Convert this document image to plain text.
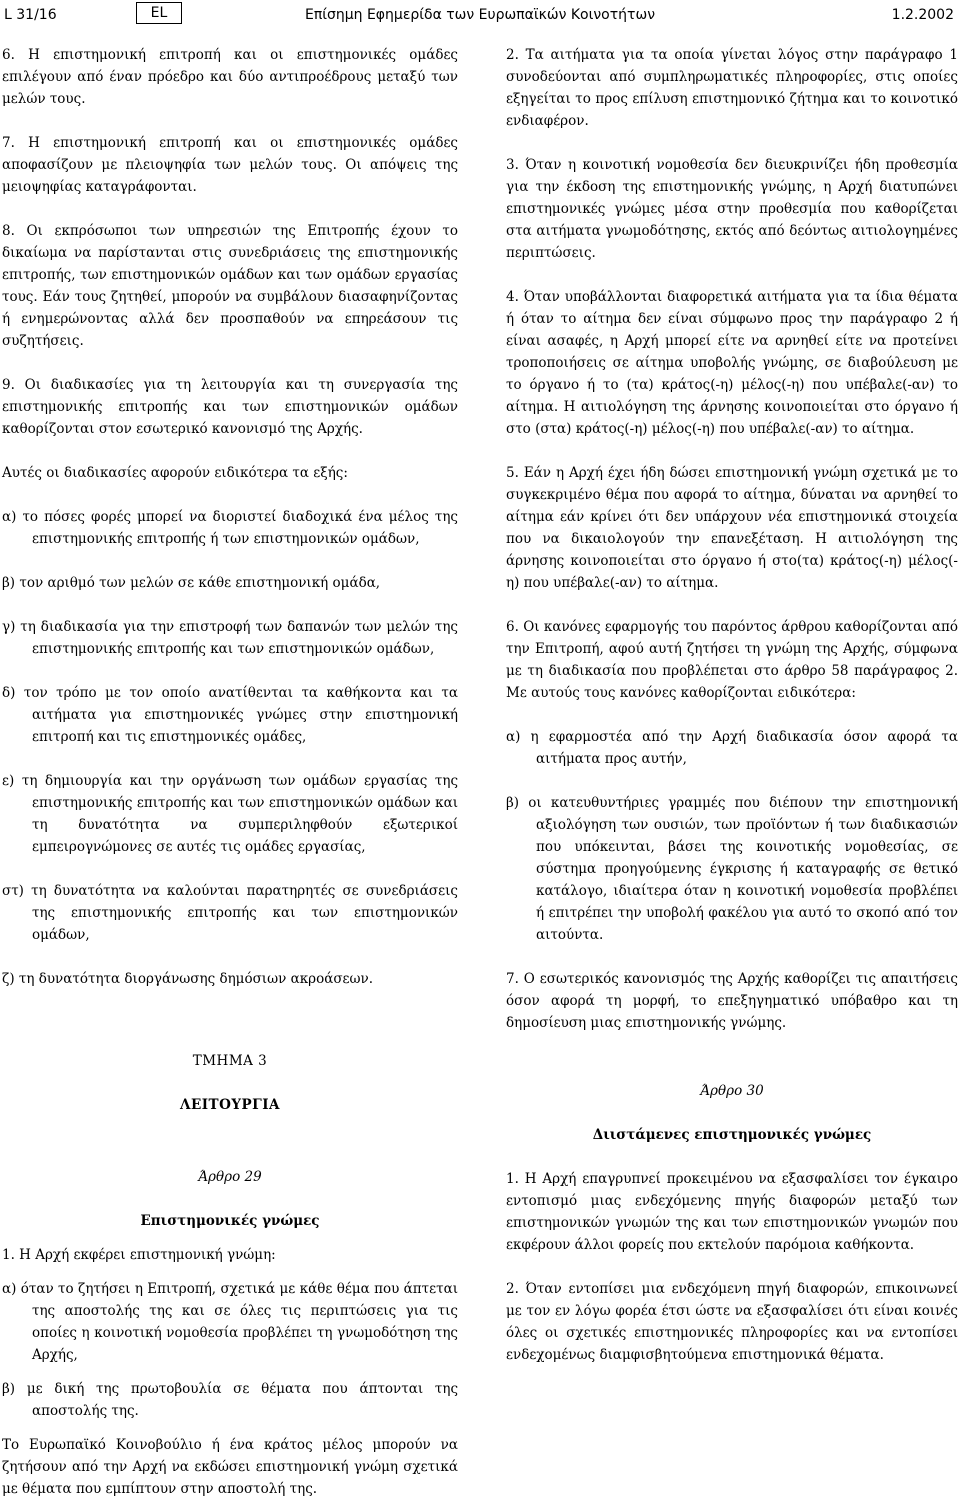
L 31/16	EL	Επίσημη Εφημερίδα των Ευρωπαϊκών Κοινοτήτων	1.2.2002

6. Η επιστημονική επιτροπή και οι επιστημονικές ομάδες επιλέγουν από έναν πρόεδρο και δύο αντιπροέδρους μεταξύ των μελών τους.

7. Η επιστημονική επιτροπή και οι επιστημονικές ομάδες αποφασίζουν με πλειοψηφία των μελών τους. Οι απόψεις της μειοψηφίας καταγράφονται.

8. Οι εκπρόσωποι των υπηρεσιών της Επιτροπής έχουν το δικαίωμα να παρίστανται στις συνεδριάσεις της επιστημονικής επιτροπής, των επιστημονικών ομάδων και των ομάδων εργασίας τους. Εάν τους ζητηθεί, μπορούν να συμβάλουν διασαφηνίζοντας ή ενημερώνοντας αλλά δεν προσπαθούν να επηρεάσουν τις συζητήσεις.

9. Οι διαδικασίες για τη λειτουργία και τη συνεργασία της επιστημονικής επιτροπής και των επιστημονικών ομάδων καθορίζονται στον εσωτερικό κανονισμό της Αρχής.

Αυτές οι διαδικασίες αφορούν ειδικότερα τα εξής:

α) το πόσες φορές μπορεί να διοριστεί διαδοχικά ένα μέλος της επιστημονικής επιτροπής ή των επιστημονικών ομάδων,

β) τον αριθμό των μελών σε κάθε επιστημονική ομάδα,

γ) τη διαδικασία για την επιστροφή των δαπανών των μελών της επιστημονικής επιτροπής και των επιστημονικών ομάδων,

δ) τον τρόπο με τον οποίο ανατίθενται τα καθήκοντα και τα αιτήματα για επιστημονικές γνώμες στην επιστημονική επιτροπή και τις επιστημονικές ομάδες,

ε) τη δημιουργία και την οργάνωση των ομάδων εργασίας της επιστημονικής επιτροπής και των επιστημονικών ομάδων και τη δυνατότητα να συμπεριληφθούν εξωτερικοί εμπειρογνώμονες σε αυτές τις ομάδες εργασίας,

στ) τη δυνατότητα να καλούνται παρατηρητές σε συνεδριάσεις της επιστημονικής επιτροπής και των επιστημονικών ομάδων,

ζ) τη δυνατότητα διοργάνωσης δημόσιων ακροάσεων.

ΤΜΗΜΑ 3

ΛΕΙΤΟΥΡΓΙΑ

Άρθρο 29

Επιστημονικές γνώμες

1. Η Αρχή εκφέρει επιστημονική γνώμη:

α) όταν το ζητήσει η Επιτροπή, σχετικά με κάθε θέμα που άπτεται της αποστολής της και σε όλες τις περιπτώσεις για τις οποίες η κοινοτική νομοθεσία προβλέπει τη γνωμοδότηση της Αρχής,

β) με δική της πρωτοβουλία σε θέματα που άπτονται της αποστολής της.

Το Ευρωπαϊκό Κοινοβούλιο ή ένα κράτος μέλος μπορούν να ζητήσουν από την Αρχή να εκδώσει επιστημονική γνώμη σχετικά με θέματα που εμπίπτουν στην αποστολή της.

2. Τα αιτήματα για τα οποία γίνεται λόγος στην παράγραφο 1 συνοδεύονται από συμπληρωματικές πληροφορίες, στις οποίες εξηγείται το προς επίλυση επιστημονικό ζήτημα και το κοινοτικό ενδιαφέρον.

3. Όταν η κοινοτική νομοθεσία δεν διευκρινίζει ήδη προθεσμία για την έκδοση της επιστημονικής γνώμης, η Αρχή διατυπώνει επιστημονικές γνώμες μέσα στην προθεσμία που καθορίζεται στα αιτήματα γνωμοδότησης, εκτός από δεόντως αιτιολογημένες περιπτώσεις.

4. Όταν υποβάλλονται διαφορετικά αιτήματα για τα ίδια θέματα ή όταν το αίτημα δεν είναι σύμφωνο προς την παράγραφο 2 ή είναι ασαφές, η Αρχή μπορεί είτε να αρνηθεί είτε να προτείνει τροποποιήσεις σε αίτημα υποβολής γνώμης, σε διαβούλευση με το όργανο ή το (τα) κράτος(-η) μέλος(-η) που υπέβαλε(-αν) το αίτημα. Η αιτιολόγηση της άρνησης κοινοποιείται στο όργανο ή στο (στα) κράτος(-η) μέλος(-η) που υπέβαλε(-αν) το αίτημα.

5. Εάν η Αρχή έχει ήδη δώσει επιστημονική γνώμη σχετικά με το συγκεκριμένο θέμα που αφορά το αίτημα, δύναται να αρνηθεί το αίτημα εάν κρίνει ότι δεν υπάρχουν νέα επιστημονικά στοιχεία που να δικαιολογούν την επανεξέταση. Η αιτιολόγηση της άρνησης κοινοποιείται στο όργανο ή στο(τα) κράτος(-η) μέλος(-η) που υπέβαλε(-αν) το αίτημα.

6. Οι κανόνες εφαρμογής του παρόντος άρθρου καθορίζονται από την Επιτροπή, αφού αυτή ζητήσει τη γνώμη της Αρχής, σύμφωνα με τη διαδικασία που προβλέπεται στο άρθρο 58 παράγραφος 2. Με αυτούς τους κανόνες καθορίζονται ειδικότερα:

α) η εφαρμοστέα από την Αρχή διαδικασία όσον αφορά τα αιτήματα προς αυτήν,

β) οι κατευθυντήριες γραμμές που διέπουν την επιστημονική αξιολόγηση των ουσιών, των προϊόντων ή των διαδικασιών που υπόκεινται, βάσει της κοινοτικής νομοθεσίας, σε σύστημα προηγούμενης έγκρισης ή καταγραφής σε θετικό κατάλογο, ιδιαίτερα όταν η κοινοτική νομοθεσία προβλέπει ή επιτρέπει την υποβολή φακέλου για αυτό το σκοπό από τον αιτούντα.

7. Ο εσωτερικός κανονισμός της Αρχής καθορίζει τις απαιτήσεις όσον αφορά τη μορφή, το επεξηγηματικό υπόβαθρο και τη δημοσίευση μιας επιστημονικής γνώμης.

Άρθρο 30

Διιστάμενες επιστημονικές γνώμες

1. Η Αρχή επαγρυπνεί προκειμένου να εξασφαλίσει τον έγκαιρο εντοπισμό μιας ενδεχόμενης πηγής διαφορών μεταξύ των επιστημονικών γνωμών της και των επιστημονικών γνωμών που εκφέρουν άλλοι φορείς που εκτελούν παρόμοια καθήκοντα.

2. Όταν εντοπίσει μια ενδεχόμενη πηγή διαφορών, επικοινωνεί με τον εν λόγω φορέα έτσι ώστε να εξασφαλίσει ότι είναι κοινές όλες οι σχετικές επιστημονικές πληροφορίες και να εντοπίσει ενδεχομένως διαμφισβητούμενα επιστημονικά θέματα.
